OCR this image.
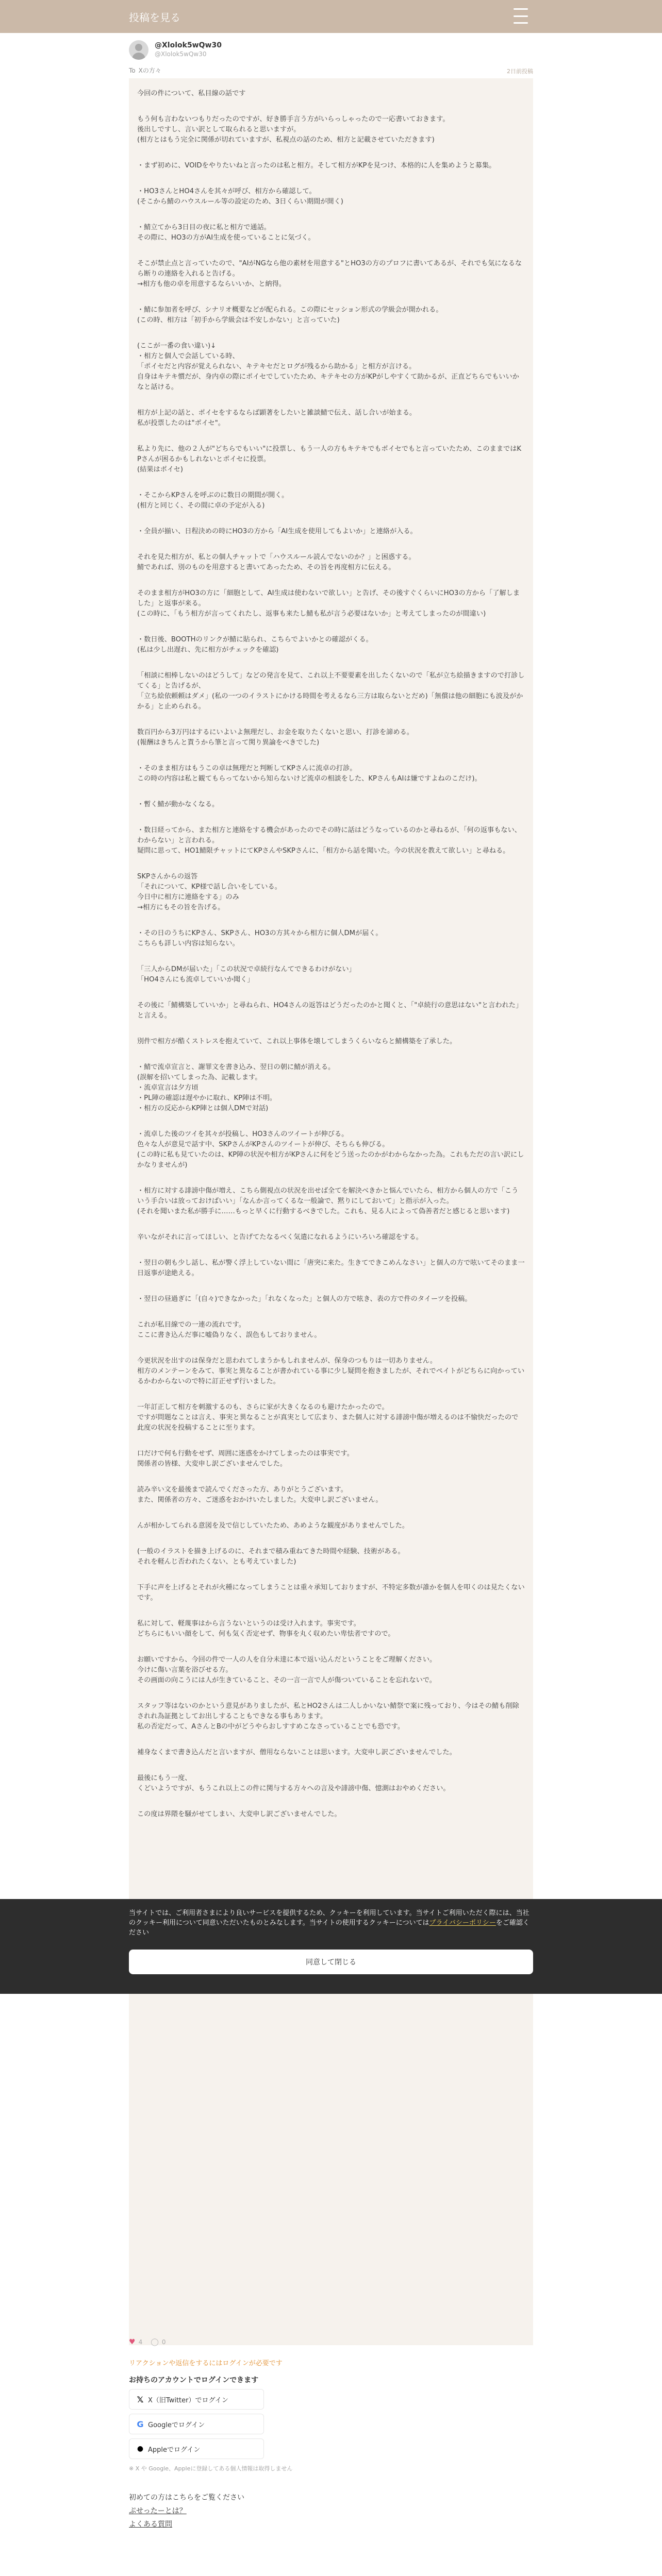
投稿を見る
@Xlolok5wQw30
@Xlolok5wQw30
To Xの方々	2日前投稿

今回の件について、私目線の話です

もう何も言わないつもりだったのですが、好き勝手言う方がいらっしゃったので一応書いておきます。
後出しですし、言い訳として取られると思いますが。
(相方とはもう完全に関係が切れていますが、私視点の話のため、相方と記載させていただきます)

・まず初めに、VOIDをやりたいねと言ったのは私と相方。そして相方がKPを見つけ、本格的に人を集めようと募集。

・HO3さんとHO4さんを其々が呼び、相方から確認して。
(そこから鯖のハウスルール等の設定のため、3日くらい期間が開く)

・鯖立てから3日目の夜に私と相方で通話。
その際に、HO3の方がAI生成を使っていることに気づく。

そこが禁止点と言っていたので、"AIがNGなら他の素材を用意する"とHO3の方のプロフに書いてあるが、それでも気になるなら断りの連絡を入れると告げる。
→相方も他の卓を用意するならいいか、と納得。

・鯖に参加者を呼び、シナリオ概要などが配られる。この際にセッション形式の学級会が開かれる。
(この時、相方は「初手から学級会は不安しかない」と言っていた)

(ここが一番の食い違い)↓
・相方と個人で会話している時、
「ポイセだと内容が覚えられない、キテキセだとログが残るから助かる」と相方が言ける。
自身はキテキ慣だが、身内卓の際にポイセでしていたため、キテキセの方がKPがしやすくて助かるが、正直どちらでもいいかなと話ける。

相方が上記の話と、ポイセをするならば顕著をしたいと雑談鯖で伝え、話し合いが始まる。
私が投票したのは"ポイセ"。

私より先に、他の２人が"どちらでもいい"に投票し、もう一人の方もキテキでもポイセでもと言っていたため、このままではKPさんが困るかもしれないとポイセに投票。
(結果はポイセ)

・そこからKPさんを呼ぶのに数日の期間が開く。
(相方と同じく、その間に卓の予定が入る)

・全員が揃い、日程決めの時にHO3の方から「AI生成を使用してもよいか」と連絡が入る。

それを見た相方が、私との個人チャットで「ハウスルール読んでないのか？」と困惑する。
鯖であれば、別のものを用意すると書いてあったため、その旨を再度相方に伝える。

そのまま相方がHO3の方に「細胞として、AI生成は使わないで欲しい」と告げ、その後すぐくらいにHO3の方から「了解しました」と返事が来る。
(この時に、「もう相方が言ってくれたし、返事も来たし鯖も私が言う必要はないか」と考えてしまったのが間違い)

・数日後、BOOTHのリンクが鯖に貼られ、こちらでよいかとの確認がくる。
(私は少し出遅れ、先に相方がチェックを確認)

「相談に相棒しないのはどうして」などの発言を見て、これ以上不要要素を出したくないので「私が立ち絵描きますので打診してくる」と告げるが、
「立ち絵依頼頼はダメ」(私の一つのイラストにかける時間を考えるなら三方は取らないとだめ)「無償は他の細胞にも波及がかかる」と止められる。

数百円から3万円はするにいよいよ無理だし、お金を取りたくないと思い、打診を諦める。
(報酬はきちんと貰うから筆と言って関り異論をべきでした)

・そのまま相方はもうこの卓は無理だと判断してKPさんに流卓の打診。
この時の内容は私と観てもらってないから知らないけど流卓の相談をした、KPさんもAIは嫌ですよねのこだけ)。

・暫く鯖が動かなくなる。

・数日経ってから、また相方と連絡をする機会があったのでその時に話はどうなっているのかと尋ねるが、「何の返事もない、わからない」と言われる。
疑問に思って、HO1鯖限チャットにてKPさんやSKPさんに、「相方から話を聞いた。今の状況を教えて欲しい」と尋ねる。

SKPさんからの返答
「それについて、KP様で話し合いをしている。
今日中に相方に連絡をする」のみ
→相方にもその旨を告げる。

・その日のうちにKPさん、SKPさん、HO3の方其々から相方に個人DMが届く。
こちらも詳しい内容は知らない。

「三人からDMが届いた」「この状況で卓続行なんてできるわけがない」
「HO4さんにも流卓していいか聞く」

その後に「鯖構築していいか」と尋ねられ、HO4さんの返答はどうだったのかと聞くと、「"卓続行の意思はない"と言われた」と言える。

別件で相方が酷くストレスを抱えていて、これ以上事体を壊してしまうくらいならと鯖構築を了承した。

・鯖で流卓宣言と、謝罪文を書き込み、翌日の朝に鯖が消える。
(誤解を招いてしまった為、記載します。
・流卓宣言は夕方頃
・PL陣の確認は遅やかに取れ、KP陣は不明。
・相方の反応からKP陣とは個人DMで対話)

・流卓した後のツイを其々が投稿し、HO3さんのツイートが伸びる。
色々な人が意見で話す中、SKPさんがKPさんのツイートが伸び、そちらも伸びる。
(この時に私も見ていたのは、KP陣の状況や相方がKPさんに何をどう送ったのかがわからなかった為。これもただの言い訳にしかなりませんが)

・相方に対する誹謗中傷が増え、こちら側視点の状況を出せば全てを解決べきかと悩んでいたら、相方から個人の方で「こういう手合いは放っておけばいい」「なんか言ってくるな一般論で、黙りにしておいて」と指示が入った。
(それを聞いまた私が勝手に……もっと早くに行動するべきでした。これも、見る人によって偽善者だと感じると思います)

辛いながそれに言ってほしい、と告げてたなるべく気遣になれるようにいろいろ確認をする。

・翌日の朝も少し話し、私が警く浮上していない間に「唐突に来た。生きてできこめんなさい」と個人の方で呟いてそのまま一日返事が途絶える。

・翌日の昼過ぎに「(自々)できなかった」「れなくなった」と個人の方で呟き、表の方で件のタイーツを投稿。

これが私目線での一連の流れです。
ここに書き込んだ事に嘘偽りなく、誤色もしておりません。

今更状況を出すのは保身だと思われてしまうかもしれませんが、保身のつもりは一切ありません。
相方のメンテーンをみて、事実と異なることが書かれている事に少し疑問を抱きましたが、それでペイトがどちらに向かっているかわからないので特に訂正せず行いました。

一年訂正して相方を刺激するのも、さらに家が大きくなるのも避けたかったので。
ですが問題なことは言え、事実と異なることが真実として広まり、また個人に対する誹謗中傷が増えるのは不愉快だったので此度の状況を投稿することに至ります。

口だけで何も行動をせず、周囲に迷惑をかけてしまったのは事実です。
関係者の皆様、大変申し訳ございませんでした。

読み辛い文を最後まで読んでくださった方、ありがとうございます。
また、関係者の方々、ご迷惑をおかけいたしました。大変申し訳ございません。

んが相かしてられる意図を及で信じしていたため、あめような観度がありませんでした。

(一般のイラストを描き上げるのに、それまで積み重ねてきた時間や経験、技術がある。
それを軽んじ否われたくない、とも考えていました)

下手に声を上げるとそれが火種になってしまうことは重々承知しておりますが、不特定多数が誰かを個人を叩くのは見たくないです。

私に対して、軽蔑事はから言うないというのは受け入れます。事実です。
どちらにもいい顔をして、何も気く否定せず、物事を丸く収めたい卑怯者ですので。

お願いですから、今回の件で一人の人を自分未達に本で返い込んだということをご理解ください。
今けに傷い言葉を浴びせる方。
その画面の向こうには人が生きていること、その一言一言で人が傷ついていることを忘れないで。

スタッフ等はないのかという意見がありましたが、私とHO2さんは二人しかいない鯖祭で案に残っており、今はその鯖も削除されれ為証拠としてお出しすることもできなる事もあります。
私の否定だって、AさんとBの中がどうやらおしすすめこなさっていることでも恐です。

補身なくまで書き込んだと言いますが、僧用ならないことは思います。大変申し訳ございませんでした。

最後にもう一度、
くどいようですが、もうこれ以上この件に関与する方々への言及や誹謗中傷、憶測はおやめください。

この度は界隈を騒がせてしまい、大変申し訳ございませんでした。

当サイトでは、ご利用者さまにより良いサービスを提供するため、クッキーを利用しています。当サイトご利用いただく際には、当社のクッキー利用について同意いただいたものとみなします。当サイトの使用するクッキーについてはプライバシーポリシーをご確認ください
同意して閉じる
♥ 4 ◯ 0
リアクションや返信をするにはログインが必要です
お持ちのアカウントでログインできます
𝕏 X（旧Twitter）でログイン
G Googleでログイン
● Appleでログイン
※ X や Google、Appleに登録してある個人情報は取得しません
初めての方はこちらをご覧ください
ぷせったーとは？
よくある質問
